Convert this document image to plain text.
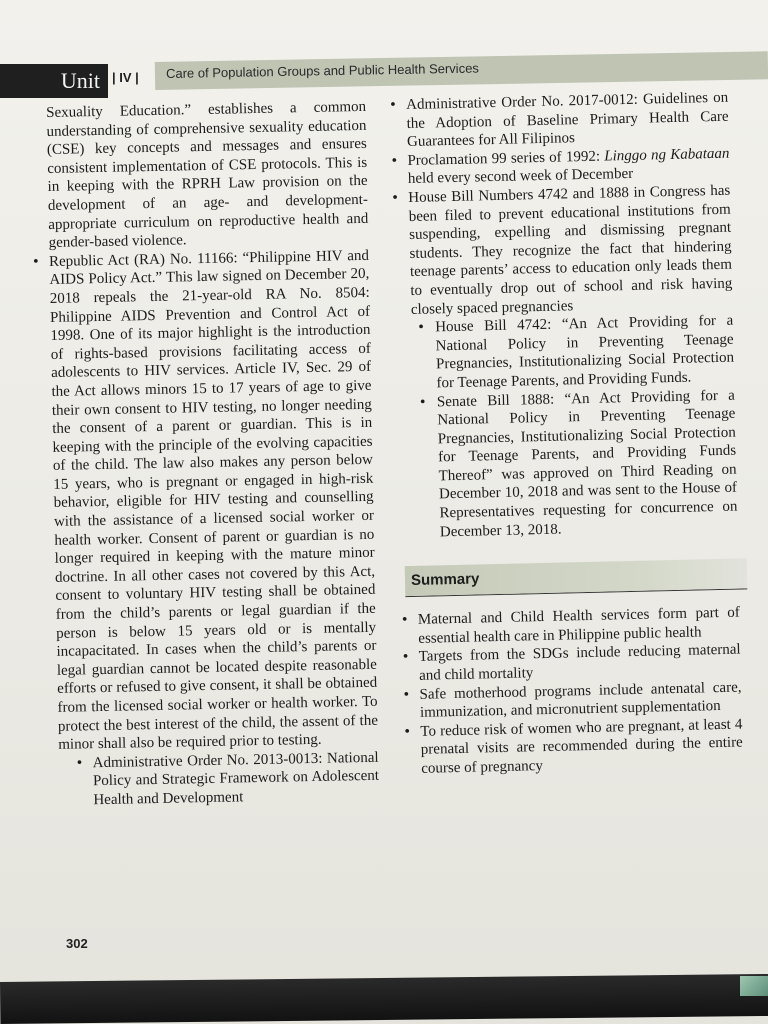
Unit | IV | Care of Population Groups and Public Health Services

Sexuality Education.” establishes a common understanding of comprehensive sexuality education (CSE) key concepts and messages and ensures consistent implementation of CSE protocols. This is in keeping with the RPRH Law provision on the development of an age- and development-appropriate curriculum on reproductive health and gender-based violence.

• Republic Act (RA) No. 11166: “Philippine HIV and AIDS Policy Act.” This law signed on December 20, 2018 repeals the 21-year-old RA No. 8504: Philippine AIDS Prevention and Control Act of 1998. One of its major highlight is the introduction of rights-based provisions facilitating access of adolescents to HIV services. Article IV, Sec. 29 of the Act allows minors 15 to 17 years of age to give their own consent to HIV testing, no longer needing the consent of a parent or guardian. This is in keeping with the principle of the evolving capacities of the child. The law also makes any person below 15 years, who is pregnant or engaged in high-risk behavior, eligible for HIV testing and counselling with the assistance of a licensed social worker or health worker. Consent of parent or guardian is no longer required in keeping with the mature minor doctrine. In all other cases not covered by this Act, consent to voluntary HIV testing shall be obtained from the child’s parents or legal guardian if the person is below 15 years old or is mentally incapacitated. In cases when the child’s parents or legal guardian cannot be located despite reasonable efforts or refused to give consent, it shall be obtained from the licensed social worker or health worker. To protect the best interest of the child, the assent of the minor shall also be required prior to testing.
• Administrative Order No. 2013-0013: National Policy and Strategic Framework on Adolescent Health and Development
• Administrative Order No. 2017-0012: Guidelines on the Adoption of Baseline Primary Health Care Guarantees for All Filipinos
• Proclamation 99 series of 1992: Linggo ng Kabataan held every second week of December
• House Bill Numbers 4742 and 1888 in Congress has been filed to prevent educational institutions from suspending, expelling and dismissing pregnant students. They recognize the fact that hindering teenage parents’ access to education only leads them to eventually drop out of school and risk having closely spaced pregnancies
• House Bill 4742: “An Act Providing for a National Policy in Preventing Teenage Pregnancies, Institutionalizing Social Protection for Teenage Parents, and Providing Funds.
• Senate Bill 1888: “An Act Providing for a National Policy in Preventing Teenage Pregnancies, Institutionalizing Social Protection for Teenage Parents, and Providing Funds Thereof” was approved on Third Reading on December 10, 2018 and was sent to the House of Representatives requesting for concurrence on December 13, 2018.
Summary
• Maternal and Child Health services form part of essential health care in Philippine public health
• Targets from the SDGs include reducing maternal and child mortality
• Safe motherhood programs include antenatal care, immunization, and micronutrient supplementation
• To reduce risk of women who are pregnant, at least 4 prenatal visits are recommended during the entire course of pregnancy
302
